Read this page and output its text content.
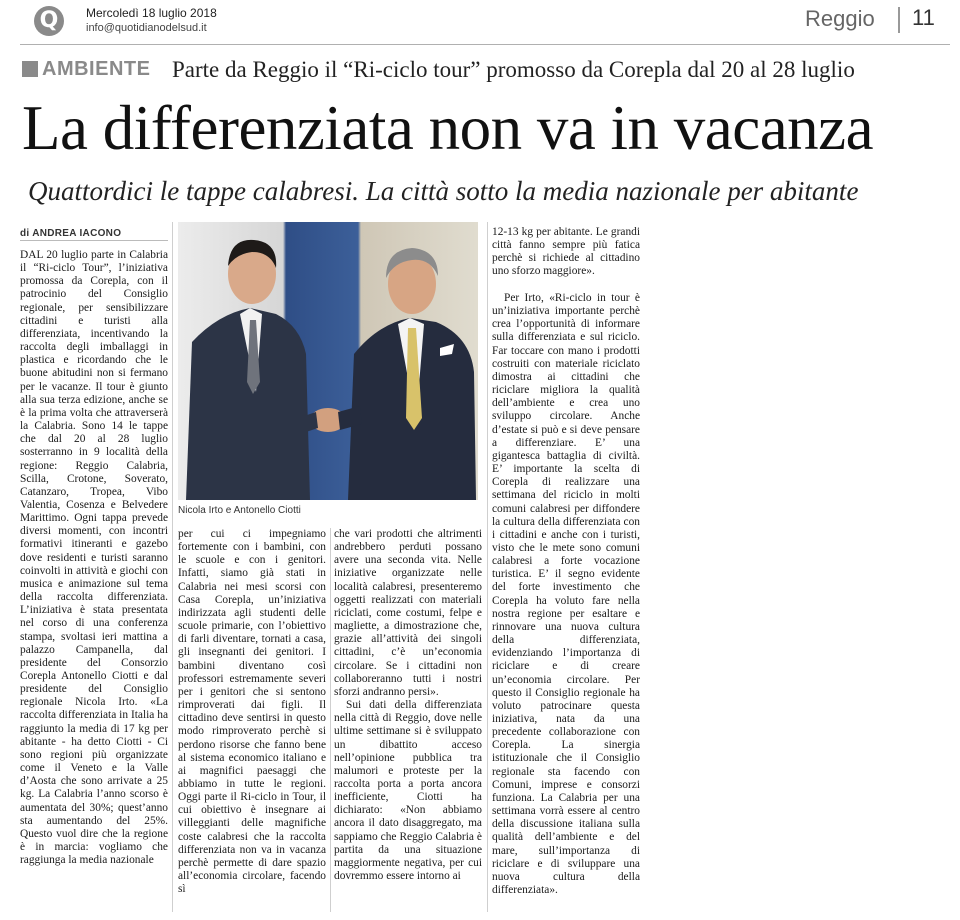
Q	Mercoledì 18 luglio 2018
info@quotidianodelsud.it	Reggio 11
AMBIENTE Parte da Reggio il “Ri-ciclo tour” promosso da Corepla dal 20 al 28 luglio
La differenziata non va in vacanza
Quattordici le tappe calabresi. La città sotto la media nazionale per abitante
di ANDREA IACONO

DAL 20 luglio parte in Calabria il “Ri-ciclo Tour”, l’iniziativa promossa da Corepla, con il patrocinio del Consiglio regionale, per sensibilizzare cittadini e turisti alla differenziata, incentivando la raccolta degli imballaggi in plastica e ricordando che le buone abitudini non si fermano per le vacanze. Il tour è giunto alla sua terza edizione, anche se è la prima volta che attraverserà la Calabria. Sono 14 le tappe che dal 20 al 28 luglio sosterranno in 9 località della regione: Reggio Calabria, Scilla, Crotone, Soverato, Catanzaro, Tropea, Vibo Valentia, Cosenza e Belvedere Marittimo. Ogni tappa prevede diversi momenti, con incontri formativi itineranti e gazebo dove residenti e turisti saranno coinvolti in attività e giochi con musica e animazione sul tema della raccolta differenziata. L’iniziativa è stata presentata nel corso di una conferenza stampa, svoltasi ieri mattina a palazzo Campanella, dal presidente del Consorzio Corepla Antonello Ciotti e dal presidente del Consiglio regionale Nicola Irto. «La raccolta differenziata in Italia ha raggiunto la media di 17 kg per abitante - ha detto Ciotti - Ci sono regioni più organizzate come il Veneto e la Valle d’Aosta che sono arrivate a 25 kg. La Calabria l’anno scorso è aumentata del 30%; quest’anno sta aumentando del 25%. Questo vuol dire che la regione è in marcia: vogliamo che raggiunga la media nazionale

Nicola Irto e Antonello Ciotti

per cui ci impegniamo fortemente con i bambini, con le scuole e con i genitori. Infatti, siamo già stati in Calabria nei mesi scorsi con Casa Corepla, un’iniziativa indirizzata agli studenti delle scuole primarie, con l’obiettivo di farli diventare, tornati a casa, gli insegnanti dei genitori. I bambini diventano così professori estremamente severi per i genitori che si sentono rimproverati dai figli. Il cittadino deve sentirsi in questo modo rimproverato perchè si perdono risorse che fanno bene al sistema economico italiano e ai magnifici paesaggi che abbiamo in tutte le regioni. Oggi parte il Ri-ciclo in Tour, il cui obiettivo è insegnare ai villeggianti delle magnifiche coste calabresi che la raccolta differenziata non va in vacanza perchè permette di dare spazio all’economia circolare, facendo sì

che vari prodotti che altrimenti andrebbero perduti possano avere una seconda vita. Nelle iniziative organizzate nelle località calabresi, presenteremo oggetti realizzati con materiali riciclati, come costumi, felpe e magliette, a dimostrazione che, grazie all’attività dei singoli cittadini, c’è un’economia circolare. Se i cittadini non collaboreranno tutti i nostri sforzi andranno persi».

Sui dati della differenziata nella città di Reggio, dove nelle ultime settimane si è sviluppato un dibattito acceso nell’opinione pubblica tra malumori e proteste per la raccolta porta a porta ancora inefficiente, Ciotti ha dichiarato: «Non abbiamo ancora il dato disaggregato, ma sappiamo che Reggio Calabria è partita da una situazione maggiormente negativa, per cui dovremmo essere intorno ai

12-13 kg per abitante. Le grandi città fanno sempre più fatica perchè si richiede al cittadino uno sforzo maggiore».

Per Irto, «Ri-ciclo in tour è un’iniziativa importante perchè crea l’opportunità di informare sulla differenziata e sul riciclo. Far toccare con mano i prodotti costruiti con materiale riciclato dimostra ai cittadini che riciclare migliora la qualità dell’ambiente e crea uno sviluppo circolare. Anche d’estate si può e si deve pensare a differenziare. E’ una gigantesca battaglia di civiltà. E’ importante la scelta di Corepla di realizzare una settimana del riciclo in molti comuni calabresi per diffondere la cultura della differenziata con i cittadini e anche con i turisti, visto che le mete sono comuni calabresi a forte vocazione turistica. E’ il segno evidente del forte investimento che Corepla ha voluto fare nella nostra regione per esaltare e rinnovare una nuova cultura della differenziata, evidenziando l’importanza di riciclare e di creare un’economia circolare. Per questo il Consiglio regionale ha voluto patrocinare questa iniziativa, nata da una precedente collaborazione con Corepla. La sinergia istituzionale che il Consiglio regionale sta facendo con Comuni, imprese e consorzi funziona. La Calabria per una settimana vorrà essere al centro della discussione italiana sulla qualità dell’ambiente e del mare, sull’importanza di riciclare e di sviluppare una nuova cultura della differenziata».
